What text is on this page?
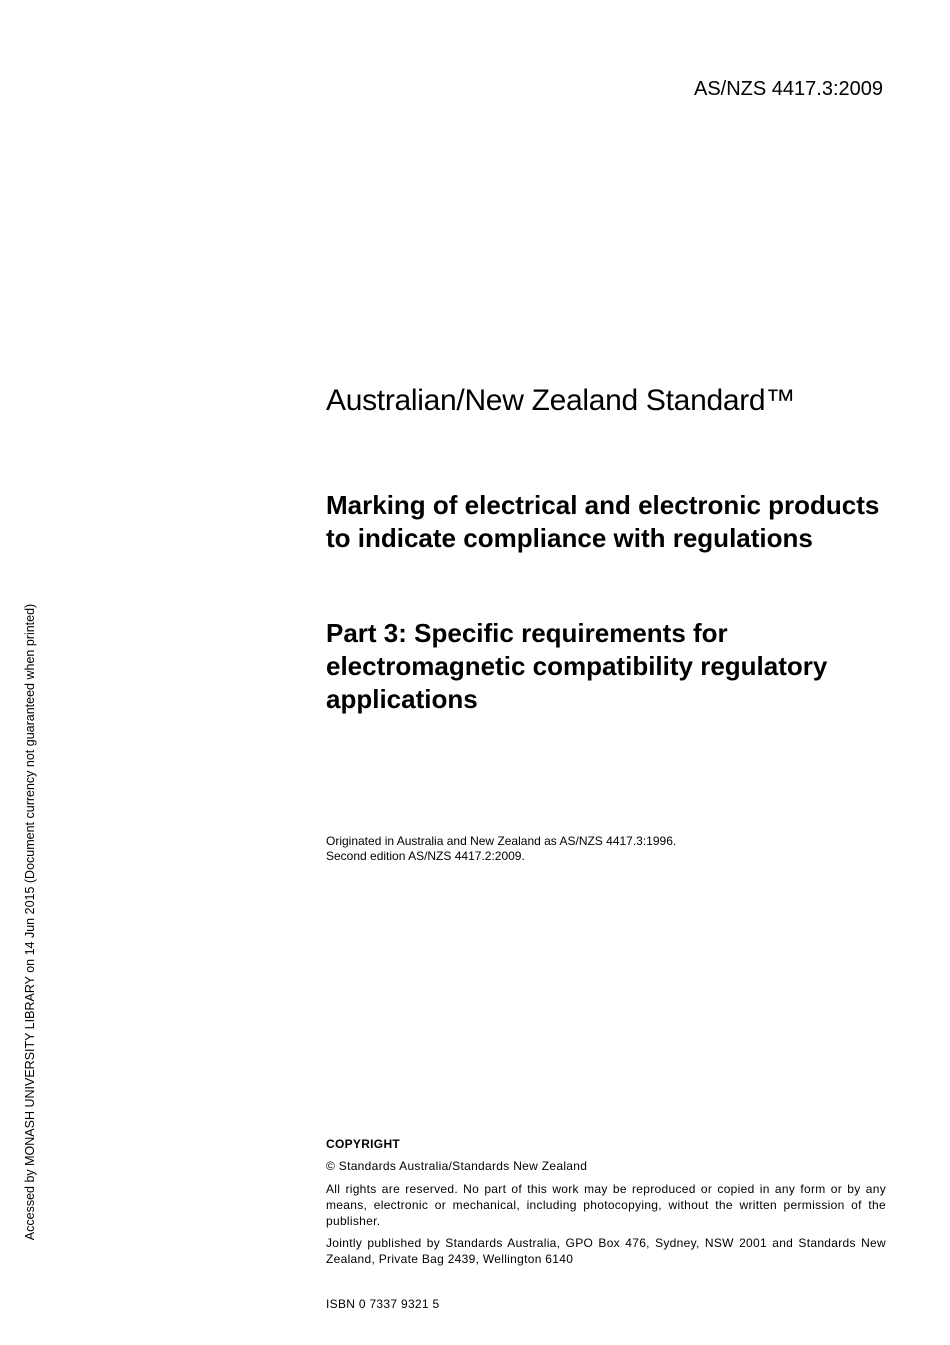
AS/NZS 4417.3:2009
Accessed by MONASH UNIVERSITY LIBRARY on 14 Jun 2015 (Document currency not guaranteed when printed)
Australian/New Zealand Standard™
Marking of electrical and electronic products to indicate compliance with regulations
Part 3: Specific requirements for electromagnetic compatibility regulatory applications
Originated in Australia and New Zealand as AS/NZS 4417.3:1996.
Second edition AS/NZS 4417.2:2009.
COPYRIGHT
© Standards Australia/Standards New Zealand
All rights are reserved. No part of this work may be reproduced or copied in any form or by any means, electronic or mechanical, including photocopying, without the written permission of the publisher.
Jointly published by Standards Australia, GPO Box 476, Sydney, NSW 2001 and Standards New Zealand, Private Bag 2439, Wellington 6140
ISBN 0 7337 9321 5
